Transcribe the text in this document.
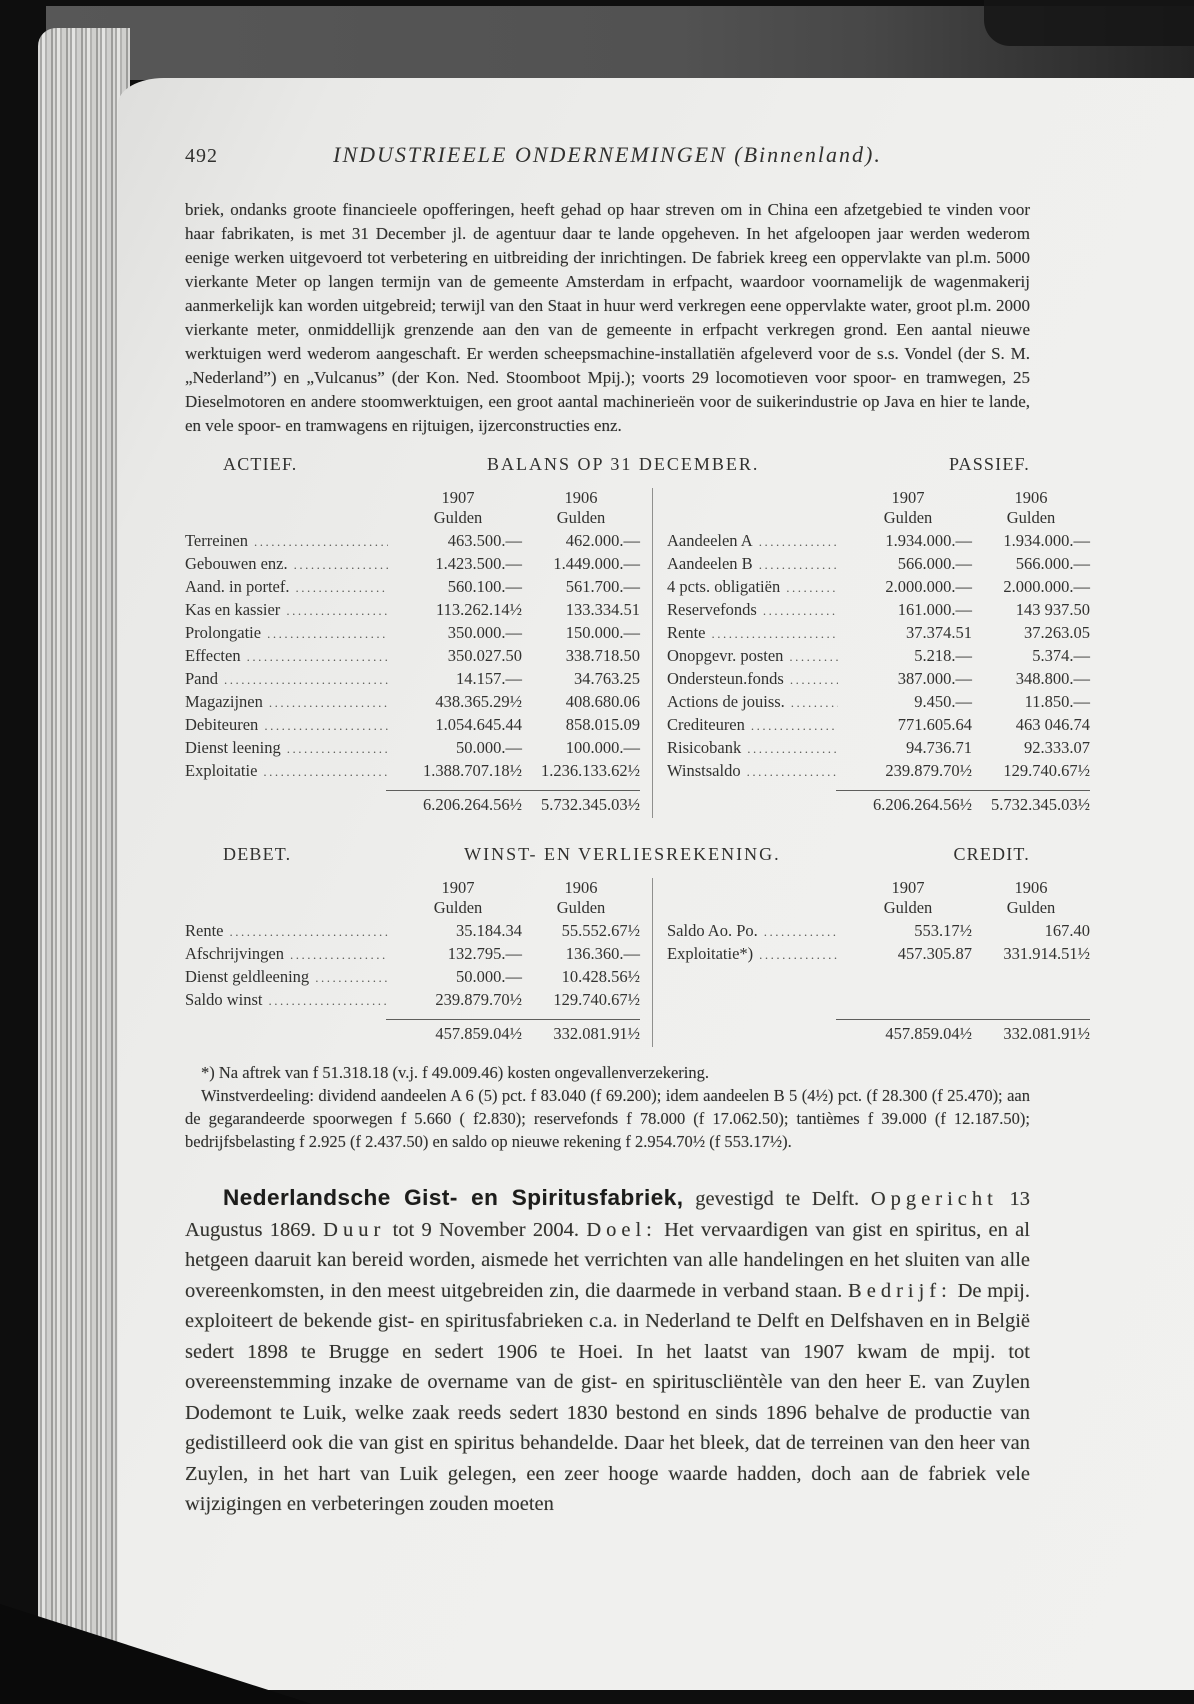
492	INDUSTRIEELE ONDERNEMINGEN (Binnenland).

briek, ondanks groote financieele opofferingen, heeft gehad op haar streven om in China een afzetgebied te vinden voor haar fabrikaten, is met 31 December jl. de agentuur daar te lande opgeheven. In het afgeloopen jaar werden wederom eenige werken uitgevoerd tot verbetering en uitbreiding der inrichtingen. De fabriek kreeg een oppervlakte van pl.m. 5000 vierkante Meter op langen termijn van de gemeente Amsterdam in erfpacht, waardoor voornamelijk de wagenmakerij aanmerkelijk kan worden uitgebreid; terwijl van den Staat in huur werd verkregen eene oppervlakte water, groot pl.m. 2000 vierkante meter, onmiddellijk grenzende aan den van de gemeente in erfpacht verkregen grond. Een aantal nieuwe werktuigen werd wederom aangeschaft. Er werden scheepsmachine-installatiën afgeleverd voor de s.s. Vondel (der S. M. „Nederland”) en „Vulcanus” (der Kon. Ned. Stoomboot Mpij.); voorts 29 locomotieven voor spoor- en tramwegen, 25 Dieselmotoren en andere stoomwerktuigen, een groot aantal machinerieën voor de suikerindustrie op Java en hier te lande, en vele spoor- en tramwagens en rijtuigen, ijzerconstructies enz.

ACTIEF.	BALANS OP 31 DECEMBER.	PASSIEF.
1907	1906
Gulden	Gulden
Terreinen .....	463.500.—	462.000.—
Gebouwen enz. .....	1.423.500.—	1.449.000.—
Aand. in portef. .....	560.100.—	561.700.—
Kas en kassier .....	113.262.14½	133.334.51
Prolongatie .....	350.000.—	150.000.—
Effecten .....	350.027.50	338.718.50
Pand .....	14.157.—	34.763.25
Magazijnen .....	438.365.29½	408.680.06
Debiteuren .....	1.054.645.44	858.015.09
Dienst leening .....	50.000.—	100.000.—
Exploitatie .....	1.388.707.18½	1.236.133.62½
6.206.264.56½	5.732.345.03½
1907	1906
Gulden	Gulden
Aandeelen A .....	1.934.000.—	1.934.000.—
Aandeelen B .....	566.000.—	566.000.—
4 pcts. obligatiën .....	2.000.000.—	2.000.000.—
Reservefonds .....	161.000.—	143 937.50
Rente .....	37.374.51	37.263.05
Onopgevr. posten .....	5.218.—	5.374.—
Ondersteun.fonds .....	387.000.—	348.800.—
Actions de jouiss. .....	9.450.—	11.850.—
Crediteuren .....	771.605.64	463 046.74
Risicobank .....	94.736.71	92.333.07
Winstsaldo .....	239.879.70½	129.740.67½
6.206.264.56½	5.732.345.03½
DEBET.	WINST- EN VERLIESREKENING.	CREDIT.
1907	1906
Gulden	Gulden
Rente .....	35.184.34	55.552.67½
Afschrijvingen .....	132.795.—	136.360.—
Dienst geldleening .....	50.000.—	10.428.56½
Saldo winst .....	239.879.70½	129.740.67½
457.859.04½	332.081.91½
1907	1906
Gulden	Gulden
Saldo Ao. Po. .....	553.17½	167.40
Exploitatie*) .....	457.305.87	331.914.51½
457.859.04½	332.081.91½

*) Na aftrek van f 51.318.18 (v.j. f 49.009.46) kosten ongevallenverzekering.

Winstverdeeling: dividend aandeelen A 6 (5) pct. f 83.040 (f 69.200); idem aandeelen B 5 (4½) pct. (f 28.300 (f 25.470); aan de gegarandeerde spoorwegen f 5.660 ( f2.830); reservefonds f 78.000 (f 17.062.50); tantièmes f 39.000 (f 12.187.50); bedrijfsbelasting f 2.925 (f 2.437.50) en saldo op nieuwe rekening f 2.954.70½ (f 553.17½).

Nederlandsche Gist- en Spiritusfabriek, gevestigd te Delft. Opgericht 13 Augustus 1869. Duur tot 9 November 2004. Doel: Het vervaardigen van gist en spiritus, en al hetgeen daaruit kan bereid worden, aismede het verrichten van alle handelingen en het sluiten van alle overeenkomsten, in den meest uitgebreiden zin, die daarmede in verband staan. Bedrijf: De mpij. exploiteert de bekende gist- en spiritusfabrieken c.a. in Nederland te Delft en Delfshaven en in België sedert 1898 te Brugge en sedert 1906 te Hoei. In het laatst van 1907 kwam de mpij. tot overeenstemming inzake de overname van de gist- en spirituscliëntèle van den heer E. van Zuylen Dodemont te Luik, welke zaak reeds sedert 1830 bestond en sinds 1896 behalve de productie van gedistilleerd ook die van gist en spiritus behandelde. Daar het bleek, dat de terreinen van den heer van Zuylen, in het hart van Luik gelegen, een zeer hooge waarde hadden, doch aan de fabriek vele wijzigingen en verbeteringen zouden moeten
